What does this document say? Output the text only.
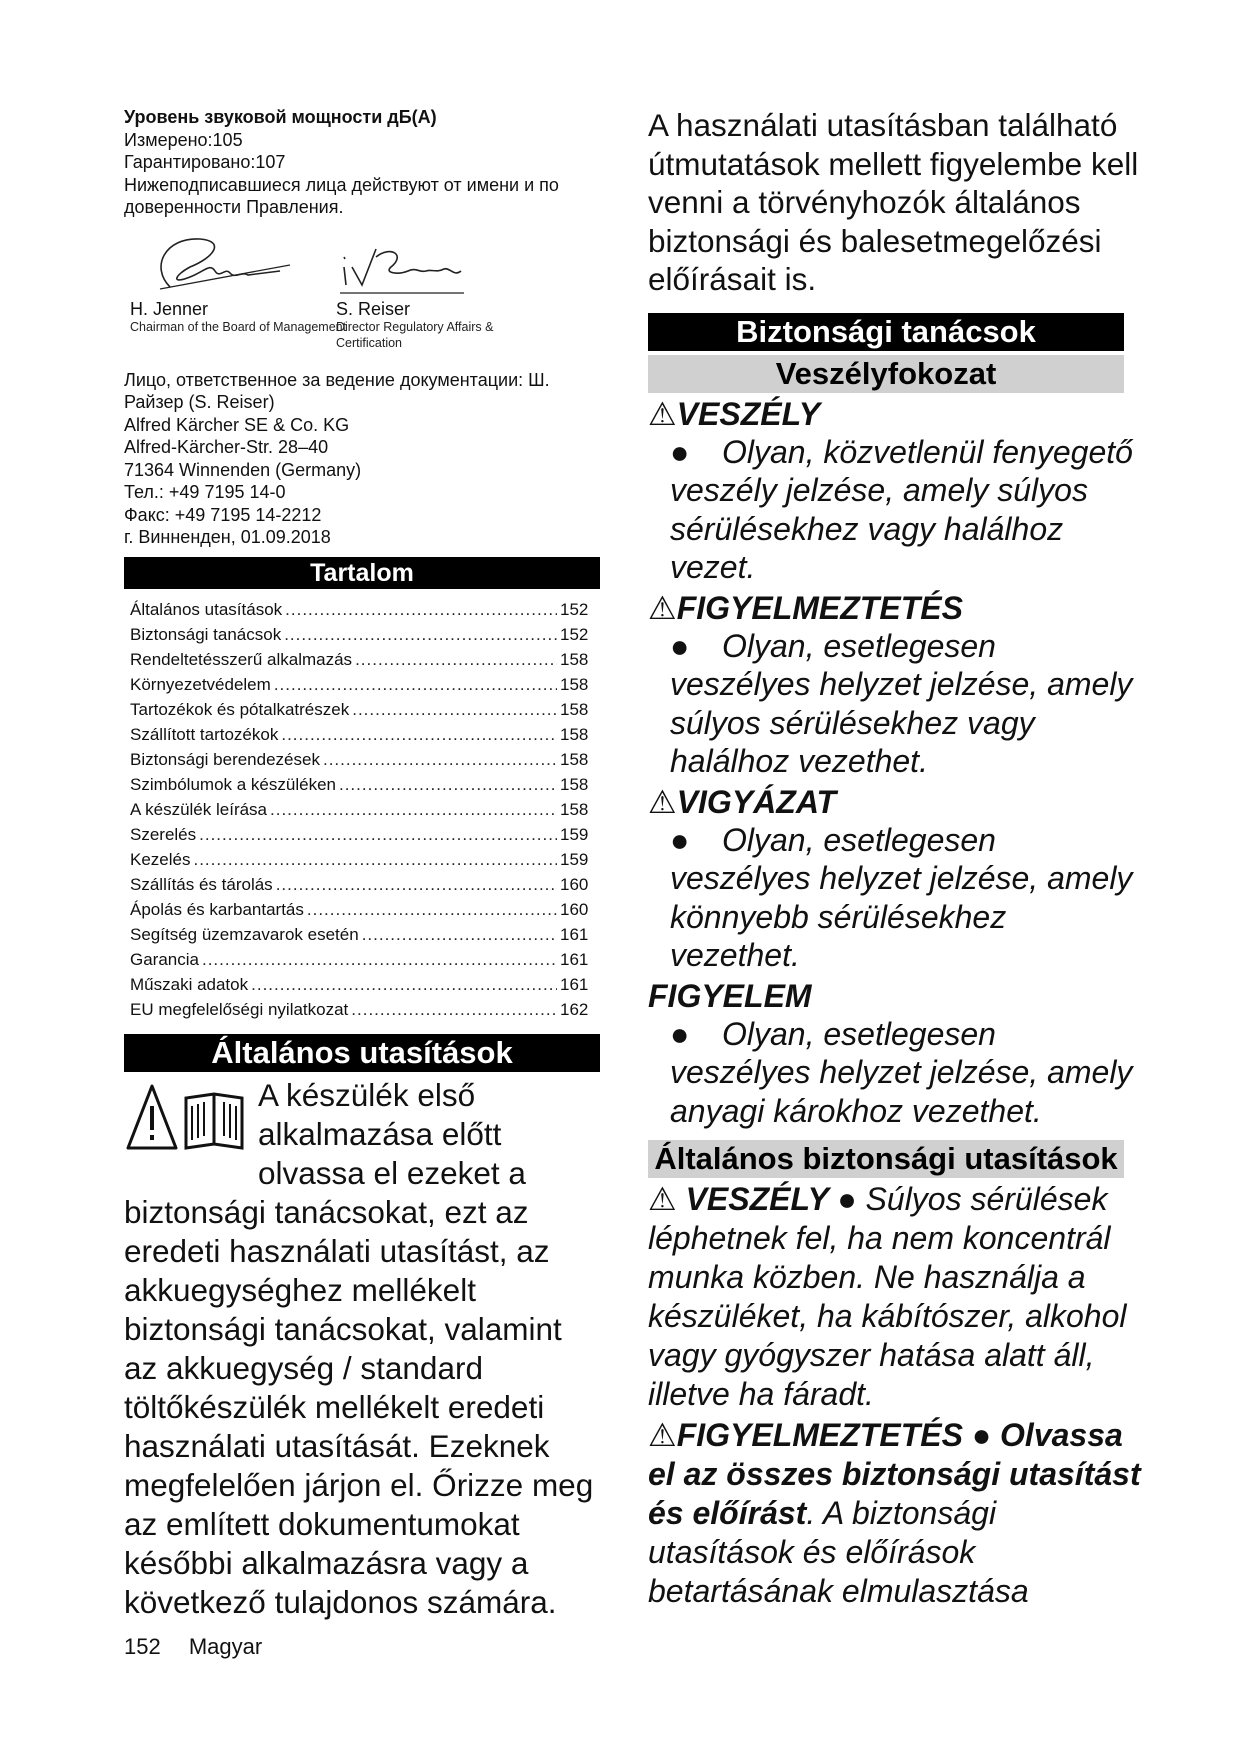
Уровень звуковой мощности дБ(А)
Измерено:105
Гарантировано:107
Нижеподписавшиеся лица действуют от имени и по доверенности Правления.
H. Jenner
Chairman of the Board of Management
S. Reiser
Director Regulatory Affairs & Certification
Лицо, ответственное за ведение документации: Ш. Райзер (S. Reiser)
Alfred Kärcher SE & Co. KG
Alfred-Kärcher-Str. 28–40
71364 Winnenden (Germany)
Тел.: +49 7195 14-0
Факс: +49 7195 14-2212
г. Винненден, 01.09.2018
Tartalom
Általános utasítások .....	152
Biztonsági tanácsok .....	152
Rendeltetésszerű alkalmazás .....	158
Környezetvédelem .....	158
Tartozékok és pótalkatrészek .....	158
Szállított tartozékok .....	158
Biztonsági berendezések .....	158
Szimbólumok a készüléken .....	158
A készülék leírása .....	158
Szerelés .....	159
Kezelés .....	159
Szállítás és tárolás .....	160
Ápolás és karbantartás .....	160
Segítség üzemzavarok esetén .....	161
Garancia .....	161
Műszaki adatok .....	161
EU megfelelőségi nyilatkozat .....	162
Általános utasítások
A készülék első alkalmazása előtt olvassa el ezeket a biztonsági tanácsokat, ezt az eredeti használati utasítást, az akkuegységhez mellékelt biztonsági tanácsokat, valamint az akkuegység / standard töltőkészülék mellékelt eredeti használati utasítását. Ezeknek megfelelően járjon el. Őrizze meg az említett dokumentumokat későbbi alkalmazásra vagy a következő tulajdonos számára.
A használati utasításban található útmutatások mellett figyelembe kell venni a törvényhozók általános biztonsági és balesetmegelőzési előírásait is.
Biztonsági tanácsok
Veszélyfokozat
⚠VESZÉLY
● Olyan, közvetlenül fenyegető veszély jelzése, amely súlyos sérülésekhez vagy halálhoz vezet.
⚠FIGYELMEZTETÉS
● Olyan, esetlegesen veszélyes helyzet jelzése, amely súlyos sérülésekhez vagy halálhoz vezethet.
⚠VIGYÁZAT
● Olyan, esetlegesen veszélyes helyzet jelzése, amely könnyebb sérülésekhez vezethet.
FIGYELEM
● Olyan, esetlegesen veszélyes helyzet jelzése, amely anyagi károkhoz vezethet.
Általános biztonsági utasítások
⚠ VESZÉLY ● Súlyos sérülések léphetnek fel, ha nem koncentrál munka közben. Ne használja a készüléket, ha kábítószer, alkohol vagy gyógyszer hatása alatt áll, illetve ha fáradt.
⚠FIGYELMEZTETÉS ● Olvassa el az összes biztonsági utasítást és előírást. A biztonsági utasítások és előírások betartásának elmulasztása
152 Magyar
